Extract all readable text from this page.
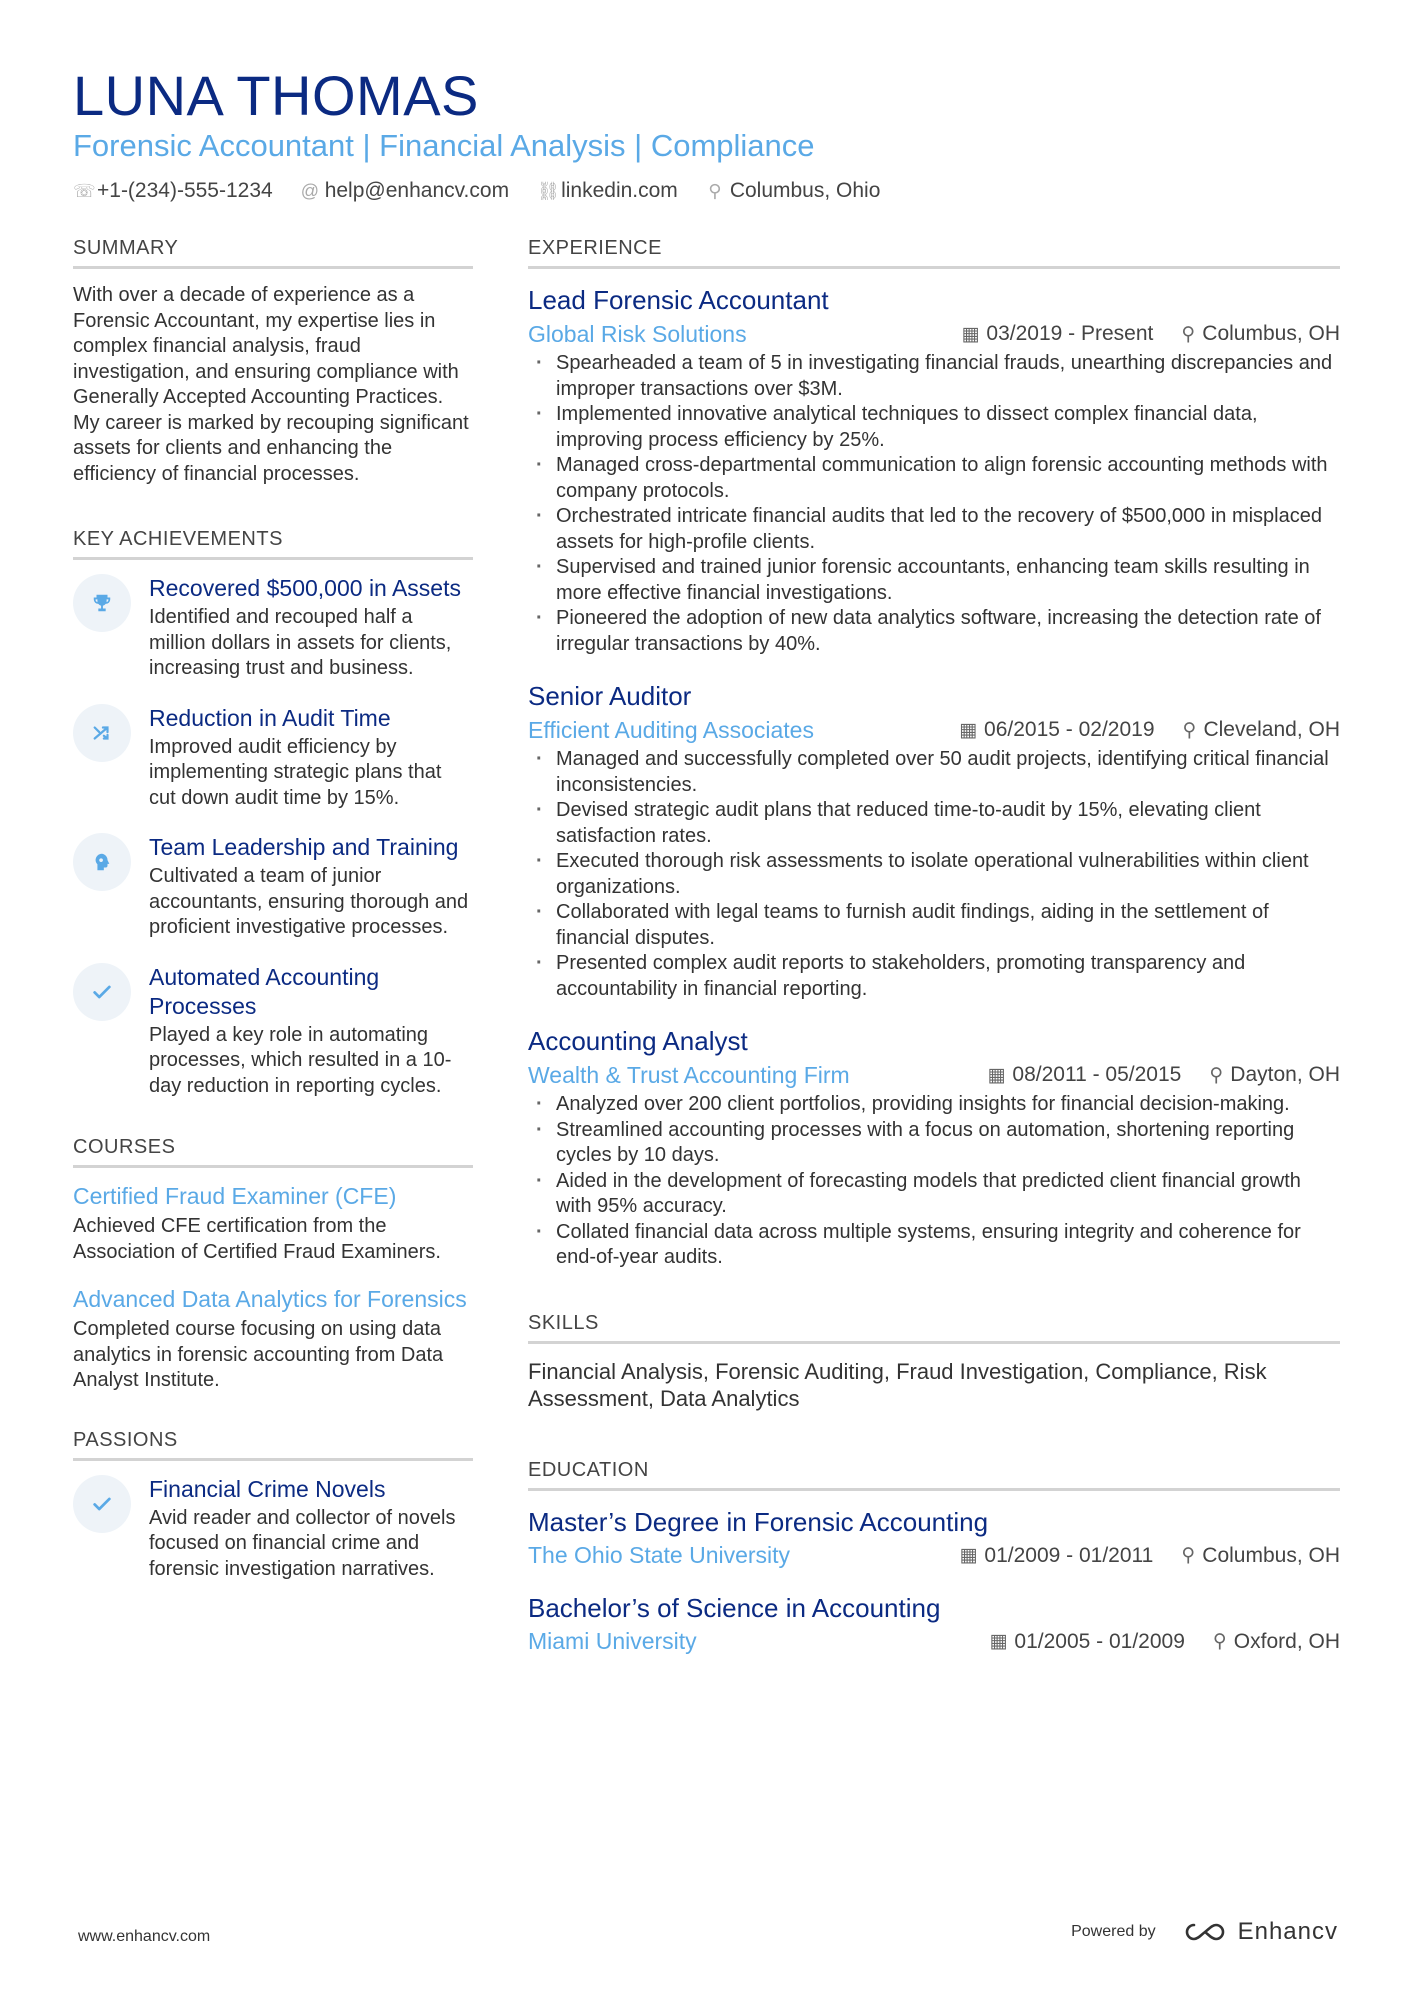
LUNA THOMAS
Forensic Accountant | Financial Analysis | Compliance
☏ +1-(234)-555-1234 @ help@enhancv.com ⛓ linkedin.com ⚲ Columbus, Ohio
SUMMARY
With over a decade of experience as a Forensic Accountant, my expertise lies in complex financial analysis, fraud investigation, and ensuring compliance with Generally Accepted Accounting Practices. My career is marked by recouping significant assets for clients and enhancing the efficiency of financial processes.
KEY ACHIEVEMENTS
Recovered $500,000 in Assets
Identified and recouped half a million dollars in assets for clients, increasing trust and business.
Reduction in Audit Time
Improved audit efficiency by implementing strategic plans that cut down audit time by 15%.
Team Leadership and Training
Cultivated a team of junior accountants, ensuring thorough and proficient investigative processes.
Automated Accounting Processes
Played a key role in automating processes, which resulted in a 10-day reduction in reporting cycles.
COURSES
Certified Fraud Examiner (CFE)
Achieved CFE certification from the Association of Certified Fraud Examiners.
Advanced Data Analytics for Forensics
Completed course focusing on using data analytics in forensic accounting from Data Analyst Institute.
PASSIONS
Financial Crime Novels
Avid reader and collector of novels focused on financial crime and forensic investigation narratives.
EXPERIENCE
Lead Forensic Accountant
Global Risk Solutions	▦ 03/2019 - Present ⚲ Columbus, OH
· Spearheaded a team of 5 in investigating financial frauds, unearthing discrepancies and improper transactions over $3M.
· Implemented innovative analytical techniques to dissect complex financial data, improving process efficiency by 25%.
· Managed cross-departmental communication to align forensic accounting methods with company protocols.
· Orchestrated intricate financial audits that led to the recovery of $500,000 in misplaced assets for high-profile clients.
· Supervised and trained junior forensic accountants, enhancing team skills resulting in more effective financial investigations.
· Pioneered the adoption of new data analytics software, increasing the detection rate of irregular transactions by 40%.
Senior Auditor
Efficient Auditing Associates	▦ 06/2015 - 02/2019 ⚲ Cleveland, OH
· Managed and successfully completed over 50 audit projects, identifying critical financial inconsistencies.
· Devised strategic audit plans that reduced time-to-audit by 15%, elevating client satisfaction rates.
· Executed thorough risk assessments to isolate operational vulnerabilities within client organizations.
· Collaborated with legal teams to furnish audit findings, aiding in the settlement of financial disputes.
· Presented complex audit reports to stakeholders, promoting transparency and accountability in financial reporting.
Accounting Analyst
Wealth & Trust Accounting Firm	▦ 08/2011 - 05/2015 ⚲ Dayton, OH
· Analyzed over 200 client portfolios, providing insights for financial decision-making.
· Streamlined accounting processes with a focus on automation, shortening reporting cycles by 10 days.
· Aided in the development of forecasting models that predicted client financial growth with 95% accuracy.
· Collated financial data across multiple systems, ensuring integrity and coherence for end-of-year audits.
SKILLS
Financial Analysis, Forensic Auditing, Fraud Investigation, Compliance, Risk Assessment, Data Analytics
EDUCATION
Master’s Degree in Forensic Accounting
The Ohio State University	▦ 01/2009 - 01/2011 ⚲ Columbus, OH
Bachelor’s of Science in Accounting
Miami University	▦ 01/2005 - 01/2009 ⚲ Oxford, OH
www.enhancv.com	Powered by	Enhancv
